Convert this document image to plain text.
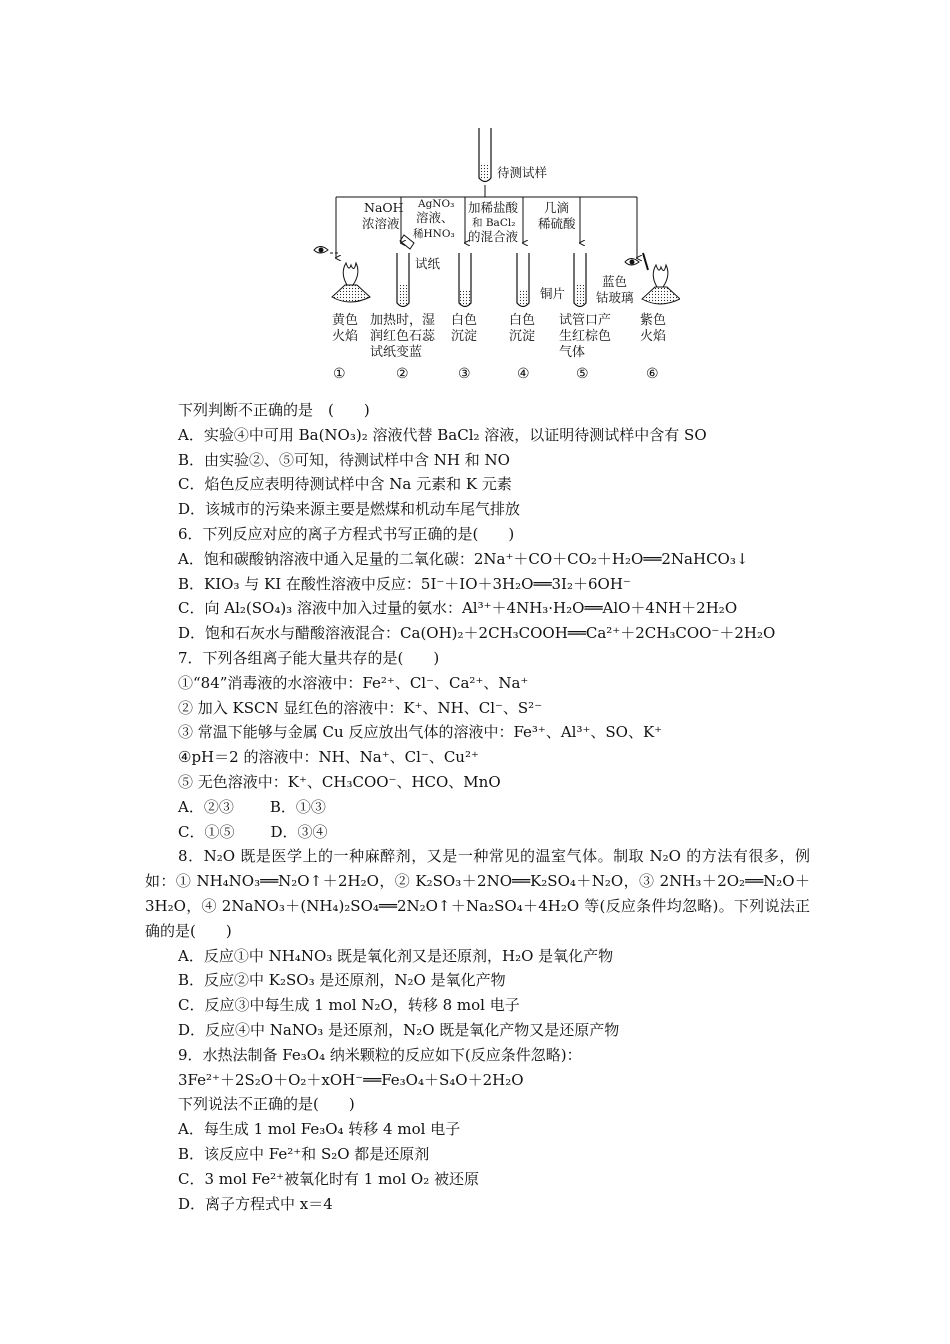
待测试样
NaOH
浓溶液
AgNO₃
溶液、
稀HNO₃
加稀盐酸
和 BaCl₂
的混合液
几滴
稀硫酸
试纸
铜片
蓝色
钴玻璃
黄色
火焰
加热时，湿
润红色石蕊
试纸变蓝
白色
沉淀
白色
沉淀
试管口产
生红棕色
气体
紫色
火焰
①	②	③	④	⑤	⑥

下列判断不正确的是　(　　)

A．实验④中可用 Ba(NO₃)₂ 溶液代替 BaCl₂ 溶液，以证明待测试样中含有 SO

B．由实验②、⑤可知，待测试样中含 NH 和 NO

C．焰色反应表明待测试样中含 Na 元素和 K 元素

D．该城市的污染来源主要是燃煤和机动车尾气排放

6．下列反应对应的离子方程式书写正确的是(　　)

A．饱和碳酸钠溶液中通入足量的二氧化碳：2Na⁺＋CO＋CO₂＋H₂O══2NaHCO₃↓

B．KIO₃ 与 KI 在酸性溶液中反应：5I⁻＋IO＋3H₂O══3I₂＋6OH⁻

C．向 Al₂(SO₄)₃ 溶液中加入过量的氨水：Al³⁺＋4NH₃·H₂O══AlO＋4NH＋2H₂O

D．饱和石灰水与醋酸溶液混合：Ca(OH)₂＋2CH₃COOH══Ca²⁺＋2CH₃COO⁻＋2H₂O

7．下列各组离子能大量共存的是(　　)

①“84”消毒液的水溶液中：Fe²⁺、Cl⁻、Ca²⁺、Na⁺

② 加入 KSCN 显红色的溶液中：K⁺、NH、Cl⁻、S²⁻

③ 常温下能够与金属 Cu 反应放出气体的溶液中：Fe³⁺、Al³⁺、SO、K⁺

④pH＝2 的溶液中：NH、Na⁺、Cl⁻、Cu²⁺

⑤ 无色溶液中：K⁺、CH₃COO⁻、HCO、MnO

A．②③ B．①③

C．①⑤ D．③④

8．N₂O 既是医学上的一种麻醉剂，又是一种常见的温室气体。制取 N₂O 的方法有很多，例如：① NH₄NO₃══N₂O↑＋2H₂O，② K₂SO₃＋2NO══K₂SO₄＋N₂O，③ 2NH₃＋2O₂══N₂O＋3H₂O，④ 2NaNO₃＋(NH₄)₂SO₄══2N₂O↑＋Na₂SO₄＋4H₂O 等(反应条件均忽略)。下列说法正确的是(　　)

A．反应①中 NH₄NO₃ 既是氧化剂又是还原剂，H₂O 是氧化产物

B．反应②中 K₂SO₃ 是还原剂，N₂O 是氧化产物

C．反应③中每生成 1 mol N₂O，转移 8 mol 电子

D．反应④中 NaNO₃ 是还原剂，N₂O 既是氧化产物又是还原产物

9．水热法制备 Fe₃O₄ 纳米颗粒的反应如下(反应条件忽略)：

3Fe²⁺＋2S₂O＋O₂＋xOH⁻══Fe₃O₄＋S₄O＋2H₂O

下列说法不正确的是(　　)

A．每生成 1 mol Fe₃O₄ 转移 4 mol 电子

B．该反应中 Fe²⁺和 S₂O 都是还原剂

C．3 mol Fe²⁺被氧化时有 1 mol O₂ 被还原

D．离子方程式中 x＝4
